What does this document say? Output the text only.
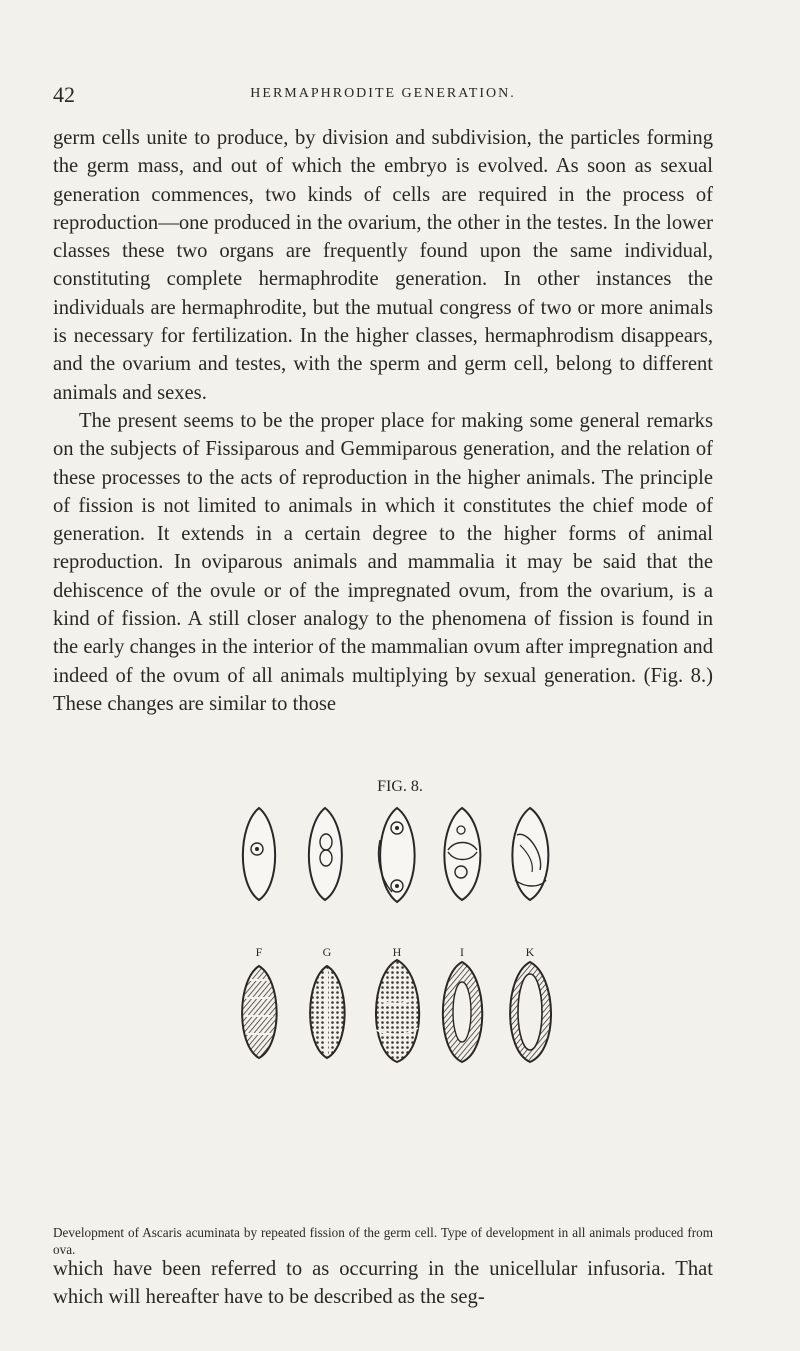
42	HERMAPHRODITE GENERATION.

germ cells unite to produce, by division and subdivision, the particles forming the germ mass, and out of which the embryo is evolved. As soon as sexual generation commences, two kinds of cells are required in the process of reproduction—one produced in the ovarium, the other in the testes. In the lower classes these two organs are frequently found upon the same individual, constituting complete hermaphrodite generation. In other instances the individuals are hermaphrodite, but the mutual congress of two or more animals is necessary for fertilization. In the higher classes, hermaphrodism disappears, and the ovarium and testes, with the sperm and germ cell, belong to different animals and sexes.

The present seems to be the proper place for making some general remarks on the subjects of Fissiparous and Gemmiparous generation, and the relation of these processes to the acts of reproduction in the higher animals. The principle of fission is not limited to animals in which it constitutes the chief mode of generation. It extends in a certain degree to the higher forms of animal reproduction. In oviparous animals and mammalia it may be said that the dehiscence of the ovule or of the impregnated ovum, from the ovarium, is a kind of fission. A still closer analogy to the phenomena of fission is found in the early changes in the interior of the mammalian ovum after impregnation and indeed of the ovum of all animals multiplying by sexual generation. (Fig. 8.) These changes are similar to those

FIG. 8.
F	G	H	I	K
Development of Ascaris acuminata by repeated fission of the germ cell. Type of development in all animals produced from ova.

which have been referred to as occurring in the unicellular infusoria. That which will hereafter have to be described as the seg-
